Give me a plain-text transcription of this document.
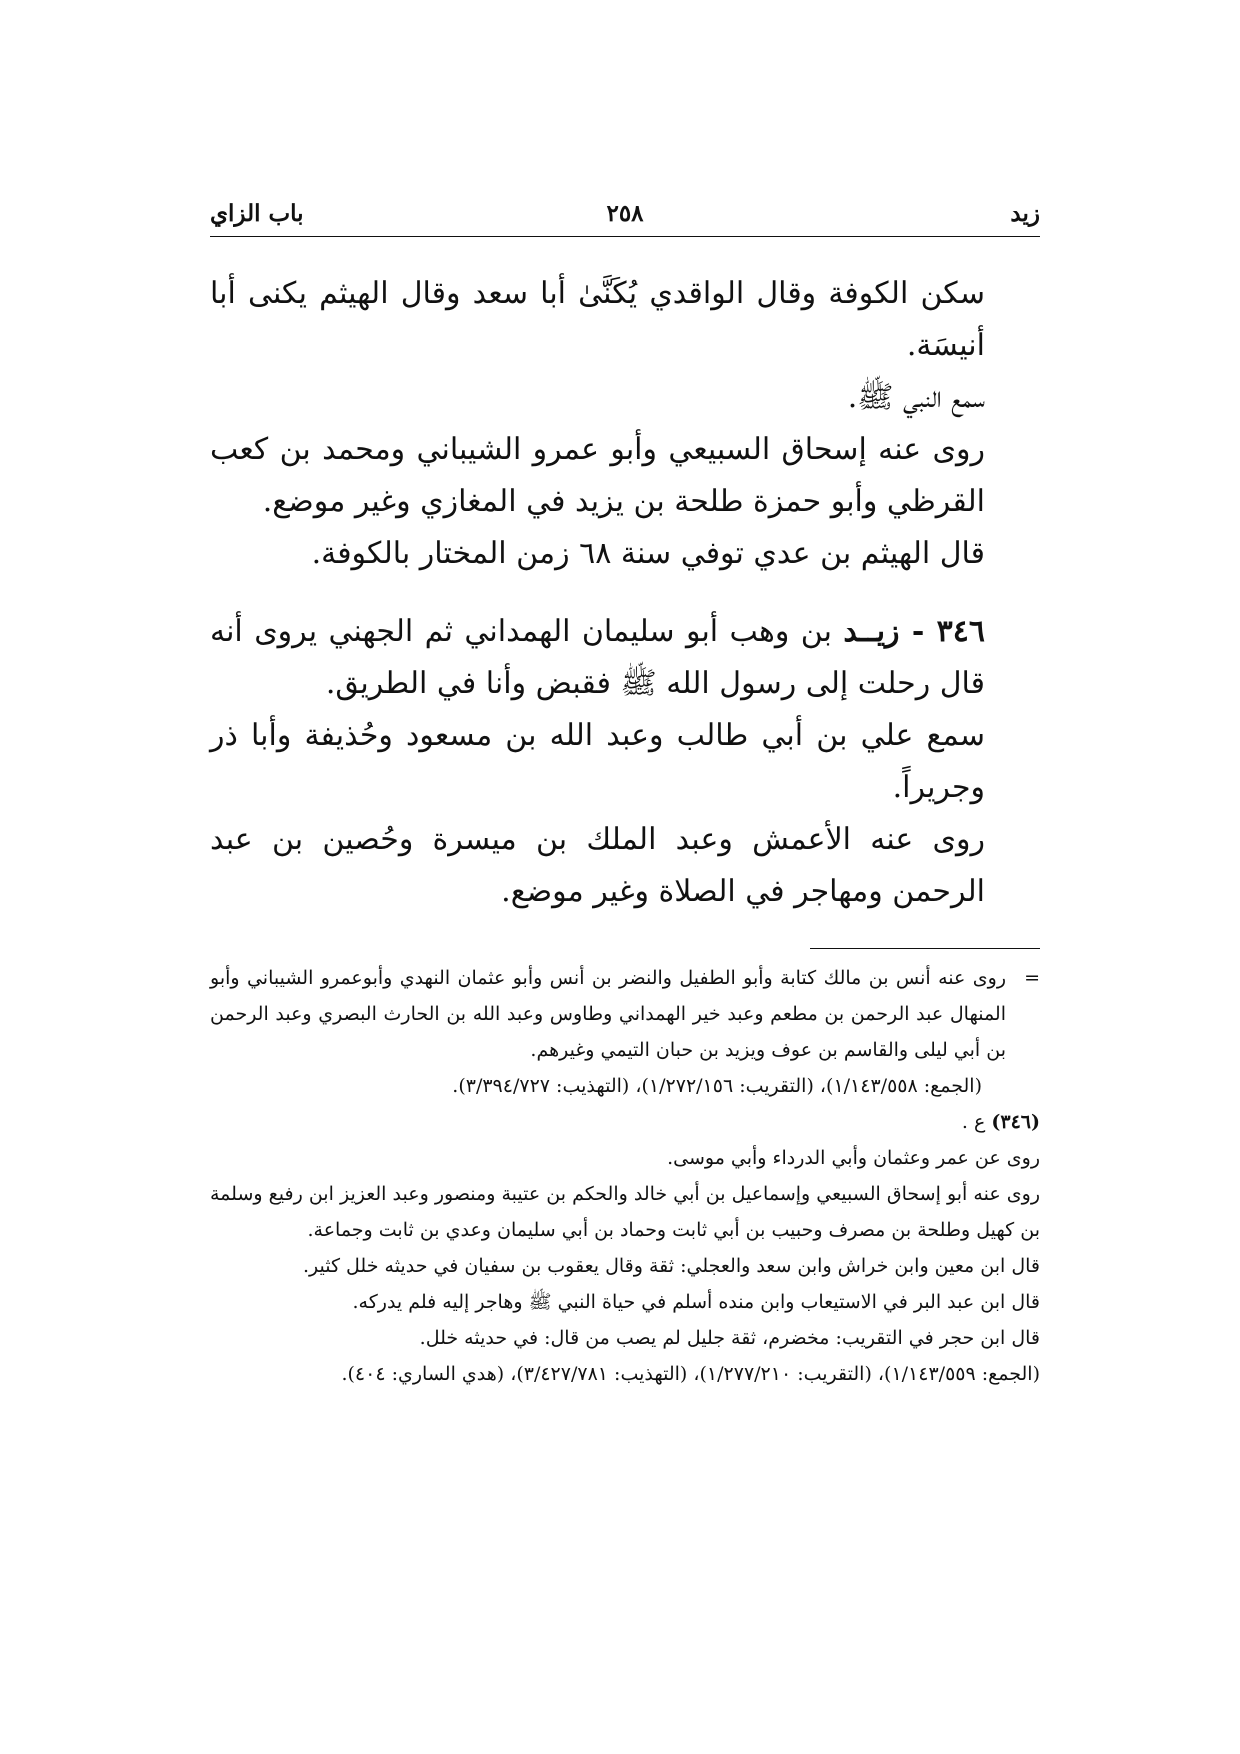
زيد
٢٥٨
باب الزاي

سكن الكوفة وقال الواقدي يُكَنَّىٰ أبا سعد وقال الهيثم يكنى أبا أنيسَة.

سمع النبي ﷺ.

روى عنه إسحاق السبيعي وأبو عمرو الشيباني ومحمد بن كعب القرظي وأبو حمزة طلحة بن يزيد في المغازي وغير موضع.

قال الهيثم بن عدي توفي سنة ٦٨ زمن المختار بالكوفة.

٣٤٦ - زيــد بن وهب أبو سليمان الهمداني ثم الجهني يروى أنه قال رحلت إلى رسول الله ﷺ فقبض وأنا في الطريق.

سمع علي بن أبي طالب وعبد الله بن مسعود وحُذيفة وأبا ذر وجريراً.

روى عنه الأعمش وعبد الملك بن ميسرة وحُصين بن عبد الرحمن ومهاجر في الصلاة وغير موضع.

=
روى عنه أنس بن مالك كتابة وأبو الطفيل والنضر بن أنس وأبو عثمان النهدي وأبوعمرو الشيباني وأبو المنهال عبد الرحمن بن مطعم وعبد خير الهمداني وطاوس وعبد الله بن الحارث البصري وعبد الرحمن بن أبي ليلى والقاسم بن عوف ويزيد بن حبان التيمي وغيرهم.

(الجمع: ١/١٤٣/٥٥٨)، (التقريب: ١/٢٧٢/١٥٦)، (التهذيب: ٣/٣٩٤/٧٢٧).

(٣٤٦) ع .

روى عن عمر وعثمان وأبي الدرداء وأبي موسى.

روى عنه أبو إسحاق السبيعي وإسماعيل بن أبي خالد والحكم بن عتيبة ومنصور وعبد العزيز ابن رفيع وسلمة بن كهيل وطلحة بن مصرف وحبيب بن أبي ثابت وحماد بن أبي سليمان وعدي بن ثابت وجماعة.

قال ابن معين وابن خراش وابن سعد والعجلي: ثقة وقال يعقوب بن سفيان في حديثه خلل كثير.

قال ابن عبد البر في الاستيعاب وابن منده أسلم في حياة النبي ﷺ وهاجر إليه فلم يدركه.

قال ابن حجر في التقريب: مخضرم، ثقة جليل لم يصب من قال: في حديثه خلل.

(الجمع: ١/١٤٣/٥٥٩)، (التقريب: ١/٢٧٧/٢١٠)، (التهذيب: ٣/٤٢٧/٧٨١)، (هدي الساري: ٤٠٤).
